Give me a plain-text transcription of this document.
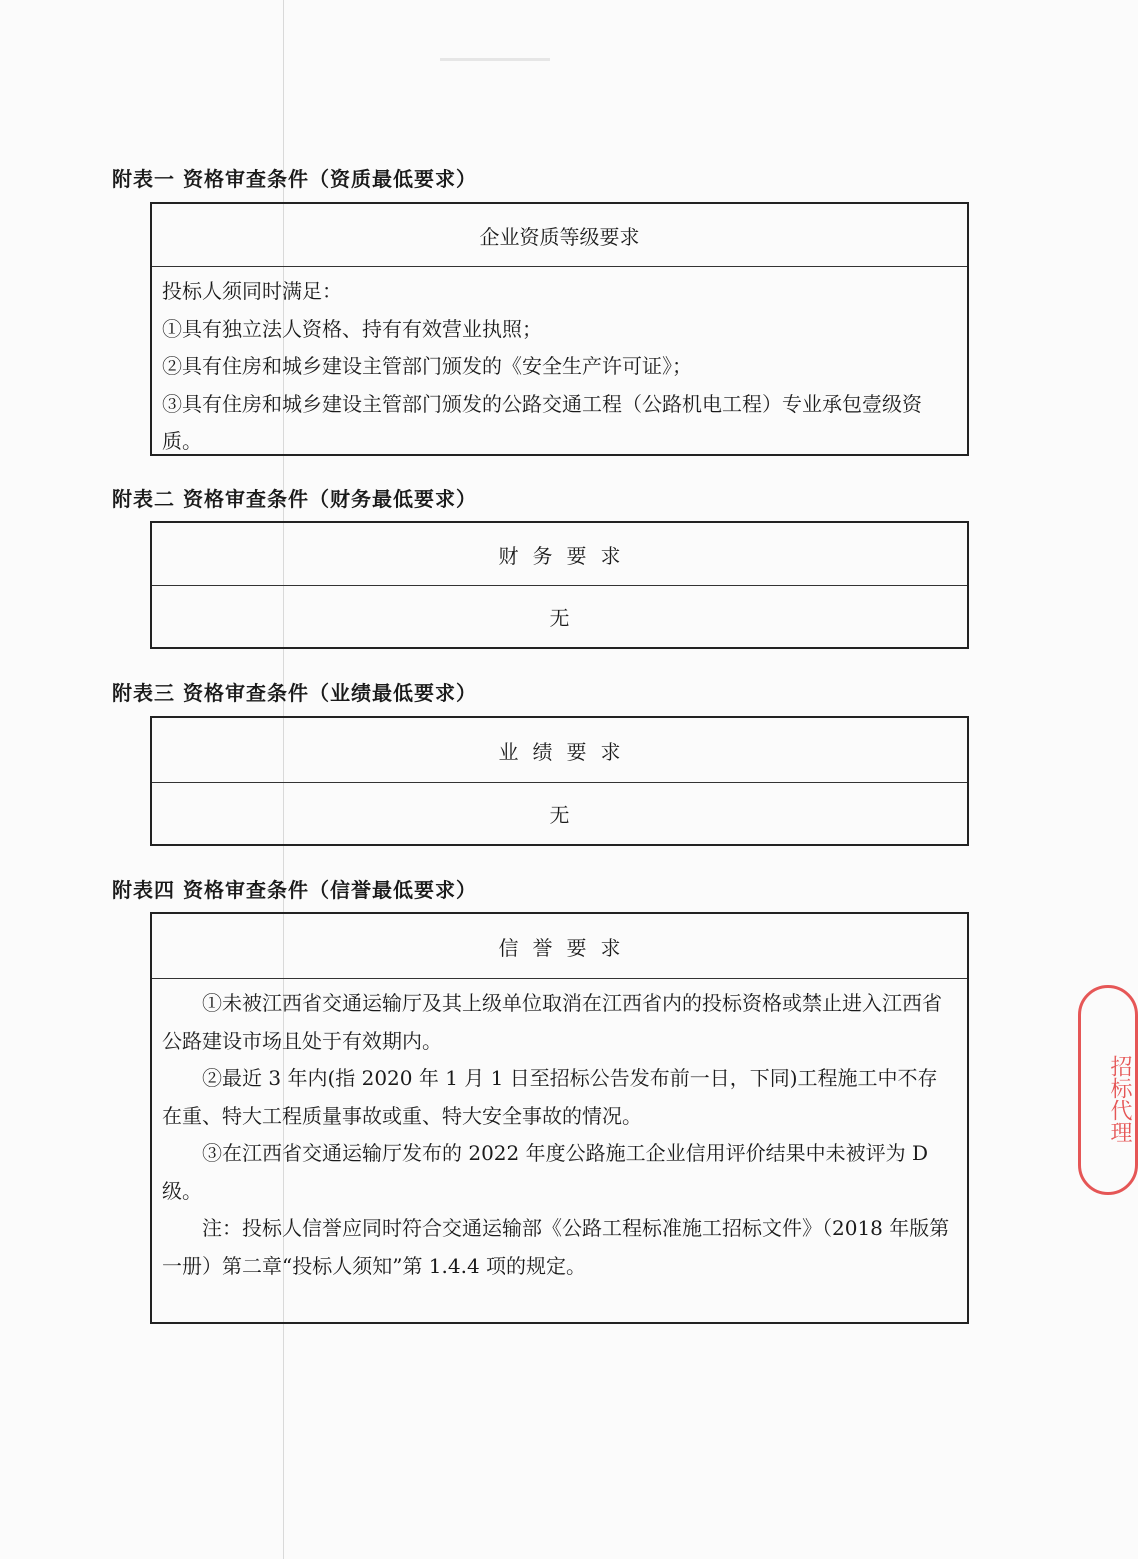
附表一 资格审查条件（资质最低要求）
企业资质等级要求

投标人须同时满足：

①具有独立法人资格、持有有效营业执照；

②具有住房和城乡建设主管部门颁发的《安全生产许可证》；

③具有住房和城乡建设主管部门颁发的公路交通工程（公路机电工程）专业承包壹级资质。

附表二 资格审查条件（财务最低要求）
财务要求
无
附表三 资格审查条件（业绩最低要求）
业绩要求
无
附表四 资格审查条件（信誉最低要求）
信誉要求

①未被江西省交通运输厅及其上级单位取消在江西省内的投标资格或禁止进入江西省公路建设市场且处于有效期内。

②最近 3 年内(指 2020 年 1 月 1 日至招标公告发布前一日，下同)工程施工中不存在重、特大工程质量事故或重、特大安全事故的情况。

③在江西省交通运输厅发布的 2022 年度公路施工企业信用评价结果中未被评为 D 级。

注：投标人信誉应同时符合交通运输部《公路工程标准施工招标文件》（2018 年版第一册）第二章“投标人须知”第 1.4.4 项的规定。

招标代理
